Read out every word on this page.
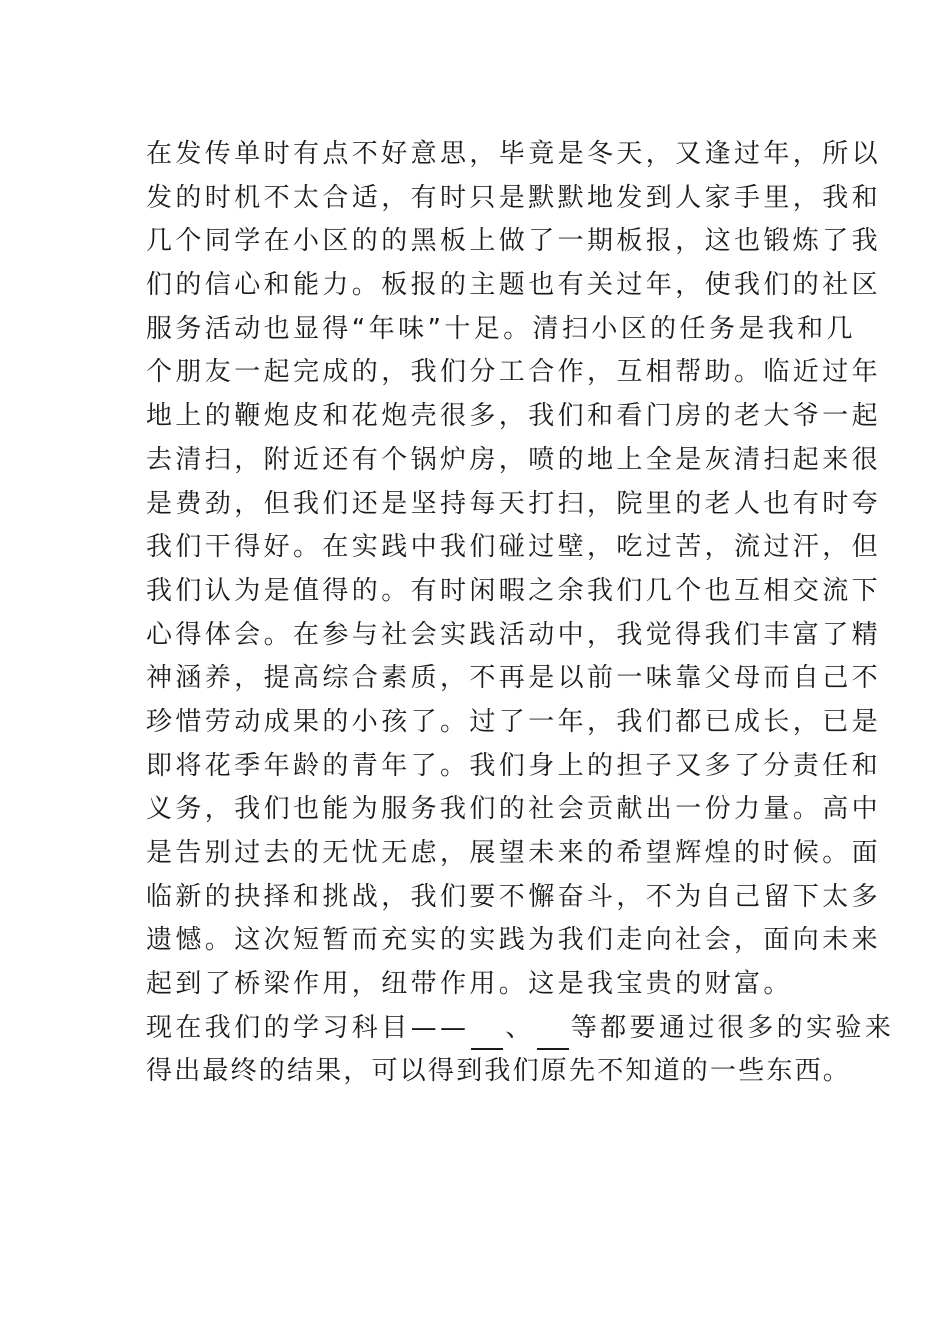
在发传单时有点不好意思，毕竟是冬天，又逢过年，所以
发的时机不太合适，有时只是默默地发到人家手里，我和
几个同学在小区的的黑板上做了一期板报，这也锻炼了我
们的信心和能力。板报的主题也有关过年，使我们的社区
服务活动也显得“年味”十足。清扫小区的任务是我和几
个朋友一起完成的，我们分工合作，互相帮助。临近过年
地上的鞭炮皮和花炮壳很多，我们和看门房的老大爷一起
去清扫，附近还有个锅炉房，喷的地上全是灰清扫起来很
是费劲，但我们还是坚持每天打扫，院里的老人也有时夸
我们干得好。在实践中我们碰过壁，吃过苦，流过汗，但
我们认为是值得的。有时闲暇之余我们几个也互相交流下
心得体会。在参与社会实践活动中，我觉得我们丰富了精
神涵养，提高综合素质，不再是以前一味靠父母而自己不
珍惜劳动成果的小孩了。过了一年，我们都已成长，已是
即将花季年龄的青年了。我们身上的担子又多了分责任和
义务，我们也能为服务我们的社会贡献出一份力量。高中
是告别过去的无忧无虑，展望未来的希望辉煌的时候。面
临新的抉择和挑战，我们要不懈奋斗，不为自己留下太多
遗憾。这次短暂而充实的实践为我们走向社会，面向未来
起到了桥梁作用，纽带作用。这是我宝贵的财富。
现在我们的学习科目—— 、 等都要通过很多的实验来
得出最终的结果，可以得到我们原先不知道的一些东西。
